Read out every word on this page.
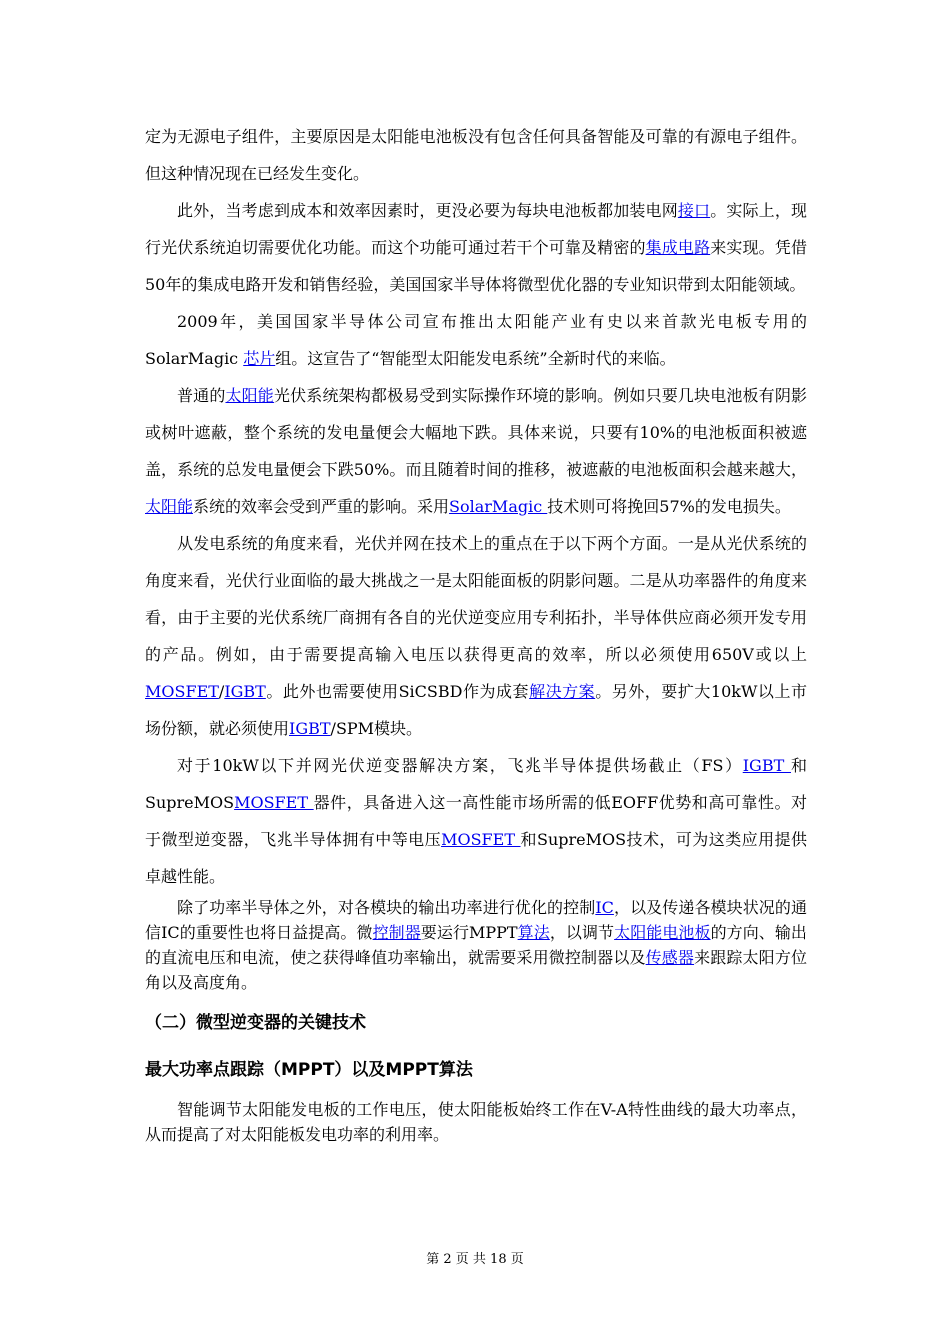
定为无源电子组件，主要原因是太阳能电池板没有包含任何具备智能及可靠的有源电子组件。但这种情况现在已经发生变化。

此外，当考虑到成本和效率因素时，更没必要为每块电池板都加装电网接口。实际上，现行光伏系统迫切需要优化功能。而这个功能可通过若干个可靠及精密的集成电路来实现。凭借50年的集成电路开发和销售经验，美国国家半导体将微型优化器的专业知识带到太阳能领域。

2009年，美国国家半导体公司宣布推出太阳能产业有史以来首款光电板专用的SolarMagic 芯片组。这宣告了“智能型太阳能发电系统”全新时代的来临。

普通的太阳能光伏系统架构都极易受到实际操作环境的影响。例如只要几块电池板有阴影或树叶遮蔽，整个系统的发电量便会大幅地下跌。具体来说，只要有10%的电池板面积被遮盖，系统的总发电量便会下跌50%。而且随着时间的推移，被遮蔽的电池板面积会越来越大，太阳能系统的效率会受到严重的影响。采用SolarMagic 技术则可将挽回57%的发电损失。

从发电系统的角度来看，光伏并网在技术上的重点在于以下两个方面。一是从光伏系统的角度来看，光伏行业面临的最大挑战之一是太阳能面板的阴影问题。二是从功率器件的角度来看，由于主要的光伏系统厂商拥有各自的光伏逆变应用专利拓扑，半导体供应商必须开发专用的产品。例如，由于需要提高输入电压以获得更高的效率，所以必须使用650V或以上MOSFET/IGBT。此外也需要使用SiCSBD作为成套解决方案。另外，要扩大10kW以上市场份额，就必须使用IGBT/SPM模块。

对于10kW以下并网光伏逆变器解决方案，飞兆半导体提供场截止（FS）IGBT 和SupreMOSMOSFET 器件，具备进入这一高性能市场所需的低EOFF优势和高可靠性。对于微型逆变器，飞兆半导体拥有中等电压MOSFET 和SupreMOS技术，可为这类应用提供卓越性能。

除了功率半导体之外，对各模块的输出功率进行优化的控制IC，以及传递各模块状况的通信IC的重要性也将日益提高。微控制器要运行MPPT算法，以调节太阳能电池板的方向、输出的直流电压和电流，使之获得峰值功率输出，就需要采用微控制器以及传感器来跟踪太阳方位角以及高度角。

（二）微型逆变器的关键技术
最大功率点跟踪（MPPT）以及MPPT算法

智能调节太阳能发电板的工作电压，使太阳能板始终工作在V-A特性曲线的最大功率点，从而提高了对太阳能板发电功率的利用率。

第 2 页 共 18 页
